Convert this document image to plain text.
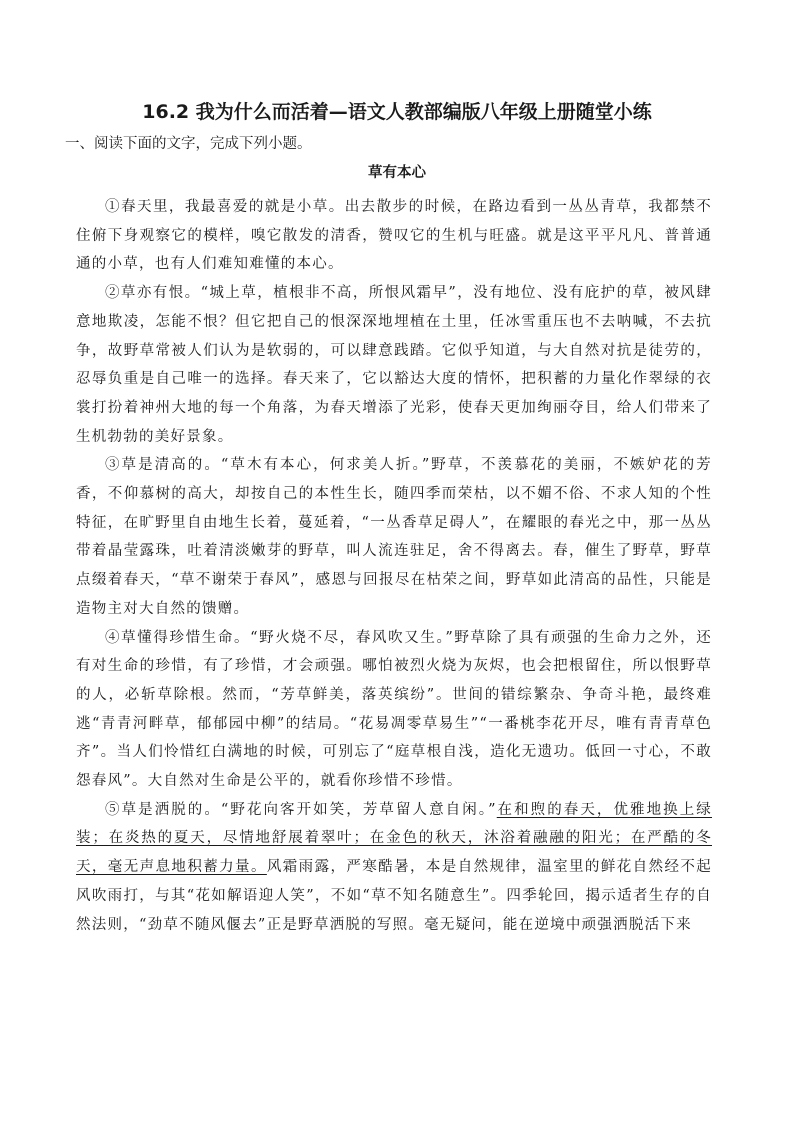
16.2 我为什么而活着—语文人教部编版八年级上册随堂小练

一、阅读下面的文字，完成下列小题。

草有本心

①春天里，我最喜爱的就是小草。出去散步的时候，在路边看到一丛丛青草，我都禁不住俯下身观察它的模样，嗅它散发的清香，赞叹它的生机与旺盛。就是这平平凡凡、普普通通的小草，也有人们难知难懂的本心。

②草亦有恨。“城上草，植根非不高，所恨风霜早”，没有地位、没有庇护的草，被风肆意地欺凌，怎能不恨？但它把自己的恨深深地埋植在土里，任冰雪重压也不去呐喊，不去抗争，故野草常被人们认为是软弱的，可以肆意践踏。它似乎知道，与大自然对抗是徒劳的，忍辱负重是自己唯一的选择。春天来了，它以豁达大度的情怀，把积蓄的力量化作翠绿的衣裳打扮着神州大地的每一个角落，为春天增添了光彩，使春天更加绚丽夺目，给人们带来了生机勃勃的美好景象。

③草是清高的。“草木有本心，何求美人折。”野草，不羡慕花的美丽，不嫉妒花的芳香，不仰慕树的高大，却按自己的本性生长，随四季而荣枯，以不媚不俗、不求人知的个性特征，在旷野里自由地生长着，蔓延着，“一丛香草足碍人”，在耀眼的春光之中，那一丛丛带着晶莹露珠，吐着清淡嫩芽的野草，叫人流连驻足，舍不得离去。春，催生了野草，野草点缀着春天，“草不谢荣于春风”，感恩与回报尽在枯荣之间，野草如此清高的品性，只能是造物主对大自然的馈赠。

④草懂得珍惜生命。“野火烧不尽，春风吹又生。”野草除了具有顽强的生命力之外，还有对生命的珍惜，有了珍惜，才会顽强。哪怕被烈火烧为灰烬，也会把根留住，所以恨野草的人，必斩草除根。然而，“芳草鲜美，落英缤纷”。世间的错综繁杂、争奇斗艳，最终难逃“青青河畔草，郁郁园中柳”的结局。“花易凋零草易生”“一番桃李花开尽，唯有青青草色齐”。当人们怜惜红白满地的时候，可别忘了“庭草根自浅，造化无遗功。低回一寸心，不敢怨春风”。大自然对生命是公平的，就看你珍惜不珍惜。

⑤草是洒脱的。“野花向客开如笑，芳草留人意自闲。”在和煦的春天，优雅地换上绿装；在炎热的夏天，尽情地舒展着翠叶；在金色的秋天，沐浴着融融的阳光；在严酷的冬天，毫无声息地积蓄力量。风霜雨露，严寒酷暑，本是自然规律，温室里的鲜花自然经不起风吹雨打，与其“花如解语迎人笑”，不如“草不知名随意生”。四季轮回，揭示适者生存的自然法则，“劲草不随风偃去”正是野草洒脱的写照。毫无疑问，能在逆境中顽强洒脱活下来
